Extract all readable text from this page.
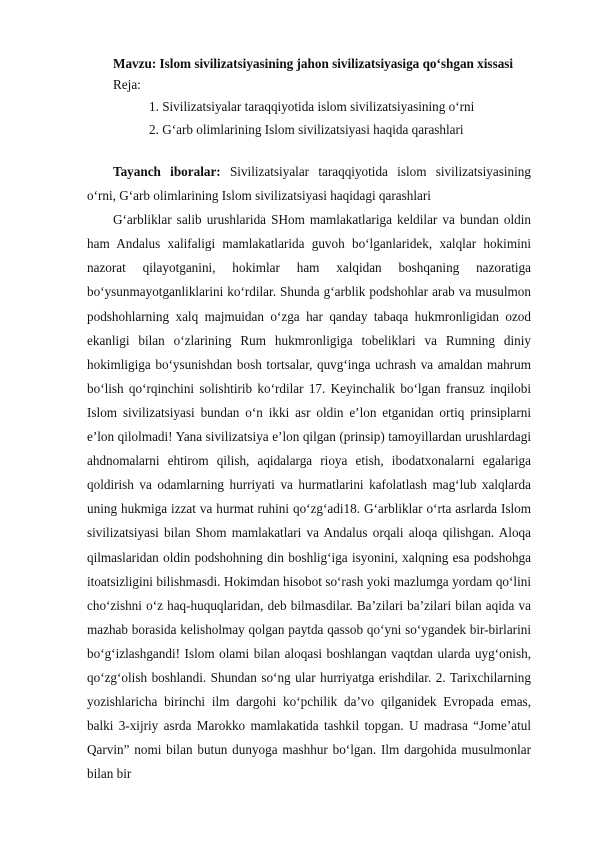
Mavzu: Islom sivilizatsiyasining jahon sivilizatsiyasiga qo‘shgan xissasi

Reja:

1. Sivilizatsiyalar taraqqiyotida islom sivilizatsiyasining o‘rni
2. G‘arb olimlarining Islom sivilizatsiyasi haqida qarashlari

Tayanch iboralar: Sivilizatsiyalar taraqqiyotida islom sivilizatsiyasining o‘rni, G‘arb olimlarining Islom sivilizatsiyasi haqidagi qarashlari

G‘arbliklar salib urushlarida SHom mamlakatlariga keldilar va bundan oldin ham Andalus xalifaligi mamlakatlarida guvoh bo‘lganlaridek, xalqlar hokimini nazorat qilayotganini, hokimlar ham xalqidan boshqaning nazoratiga bo‘ysunmayotganliklarini ko‘rdilar. Shunda g‘arblik podshohlar arab va musulmon podshohlarning xalq majmuidan o‘zga har qanday tabaqa hukmronligidan ozod ekanligi bilan o‘zlarining Rum hukmronligiga tobeliklari va Rumning diniy hokimligiga bo‘ysunishdan bosh tortsalar, quvg‘inga uchrash va amaldan mahrum bo‘lish qo‘rqinchini solishtirib ko‘rdilar 17. Keyinchalik bo‘lgan fransuz inqilobi Islom sivilizatsiyasi bundan o‘n ikki asr oldin e’lon etganidan ortiq prinsiplarni e’lon qilolmadi! Yana sivilizatsiya e’lon qilgan (prinsip) tamoyillardan urushlardagi ahdnomalarni ehtirom qilish, aqidalarga rioya etish, ibodatxonalarni egalariga qoldirish va odamlarning hurriyati va hurmatlarini kafolatlash mag‘lub xalqlarda uning hukmiga izzat va hurmat ruhini qo‘zg‘adi18. G‘arbliklar o‘rta asrlarda Islom sivilizatsiyasi bilan Shom mamlakatlari va Andalus orqali aloqa qilishgan. Aloqa qilmaslaridan oldin podshohning din boshlig‘iga isyonini, xalqning esa podshohga itoatsizligini bilishmasdi. Hokimdan hisobot so‘rash yoki mazlumga yordam qo‘lini cho‘zishni o‘z haq-huquqlaridan, deb bilmasdilar. Ba’zilari ba’zilari bilan aqida va mazhab borasida kelisholmay qolgan paytda qassob qo‘yni so‘ygandek bir-birlarini bo‘g‘izlashgandi! Islom olami bilan aloqasi boshlangan vaqtdan ularda uyg‘onish, qo‘zg‘olish boshlandi. Shundan so‘ng ular hurriyatga erishdilar. 2. Tarixchilarning yozishlaricha birinchi ilm dargohi ko‘pchilik da’vo qilganidek Evropada emas, balki 3-xijriy asrda Marokko mamlakatida tashkil topgan. U madrasa “Jome’atul Qarvin” nomi bilan butun dunyoga mashhur bo‘lgan. Ilm dargohida musulmonlar bilan bir
